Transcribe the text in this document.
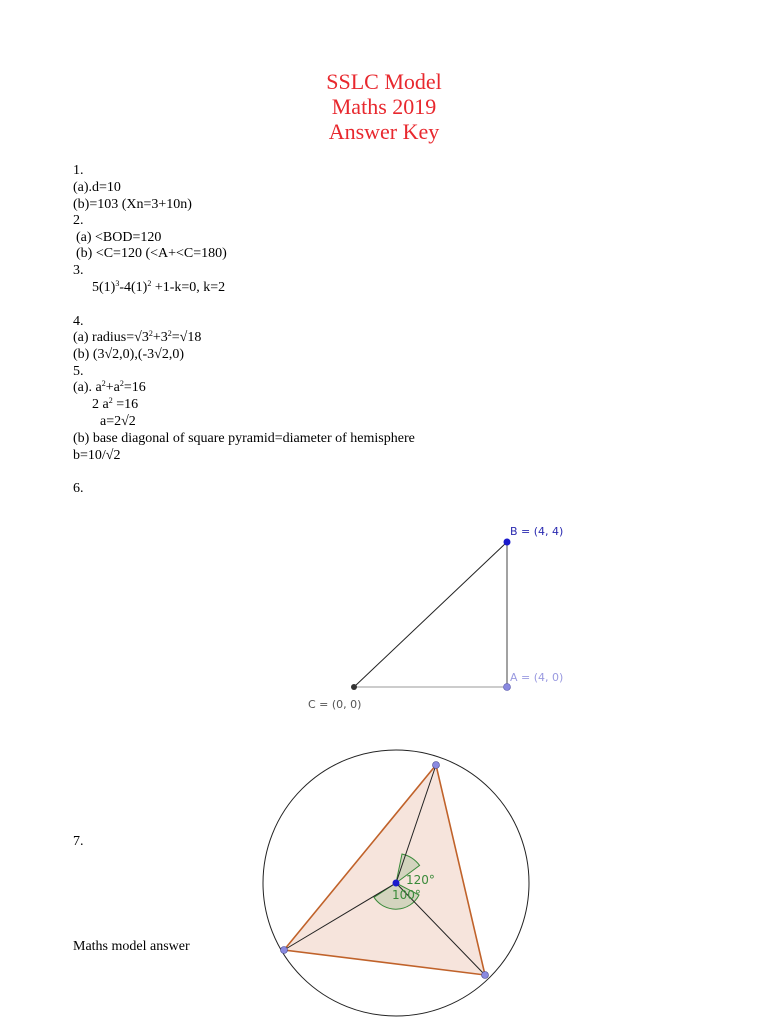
SSLC Model
Maths 2019
Answer Key
1.
(a).d=10
(b)=103 (Xn=3+10n)
2.
(a) <BOD=120
(b) <C=120 (<A+<C=180)
3.
$5(1)^3-4(1)^2 +1-k=0$, k=2
4.
(a) $radius=√3^2+3^2=√18$
(b) (3√2,0),(-3√2,0)
5.
(a). $a^2+a^2=16$
2 $a^2 =16$
a=2√2
(b) base diagonal of square pyramid=diameter of hemisphere
b=10/√2
6.
7.
Maths model answer
B = (4, 4)
A = (4, 0)
C = (0, 0)
120°
100°
